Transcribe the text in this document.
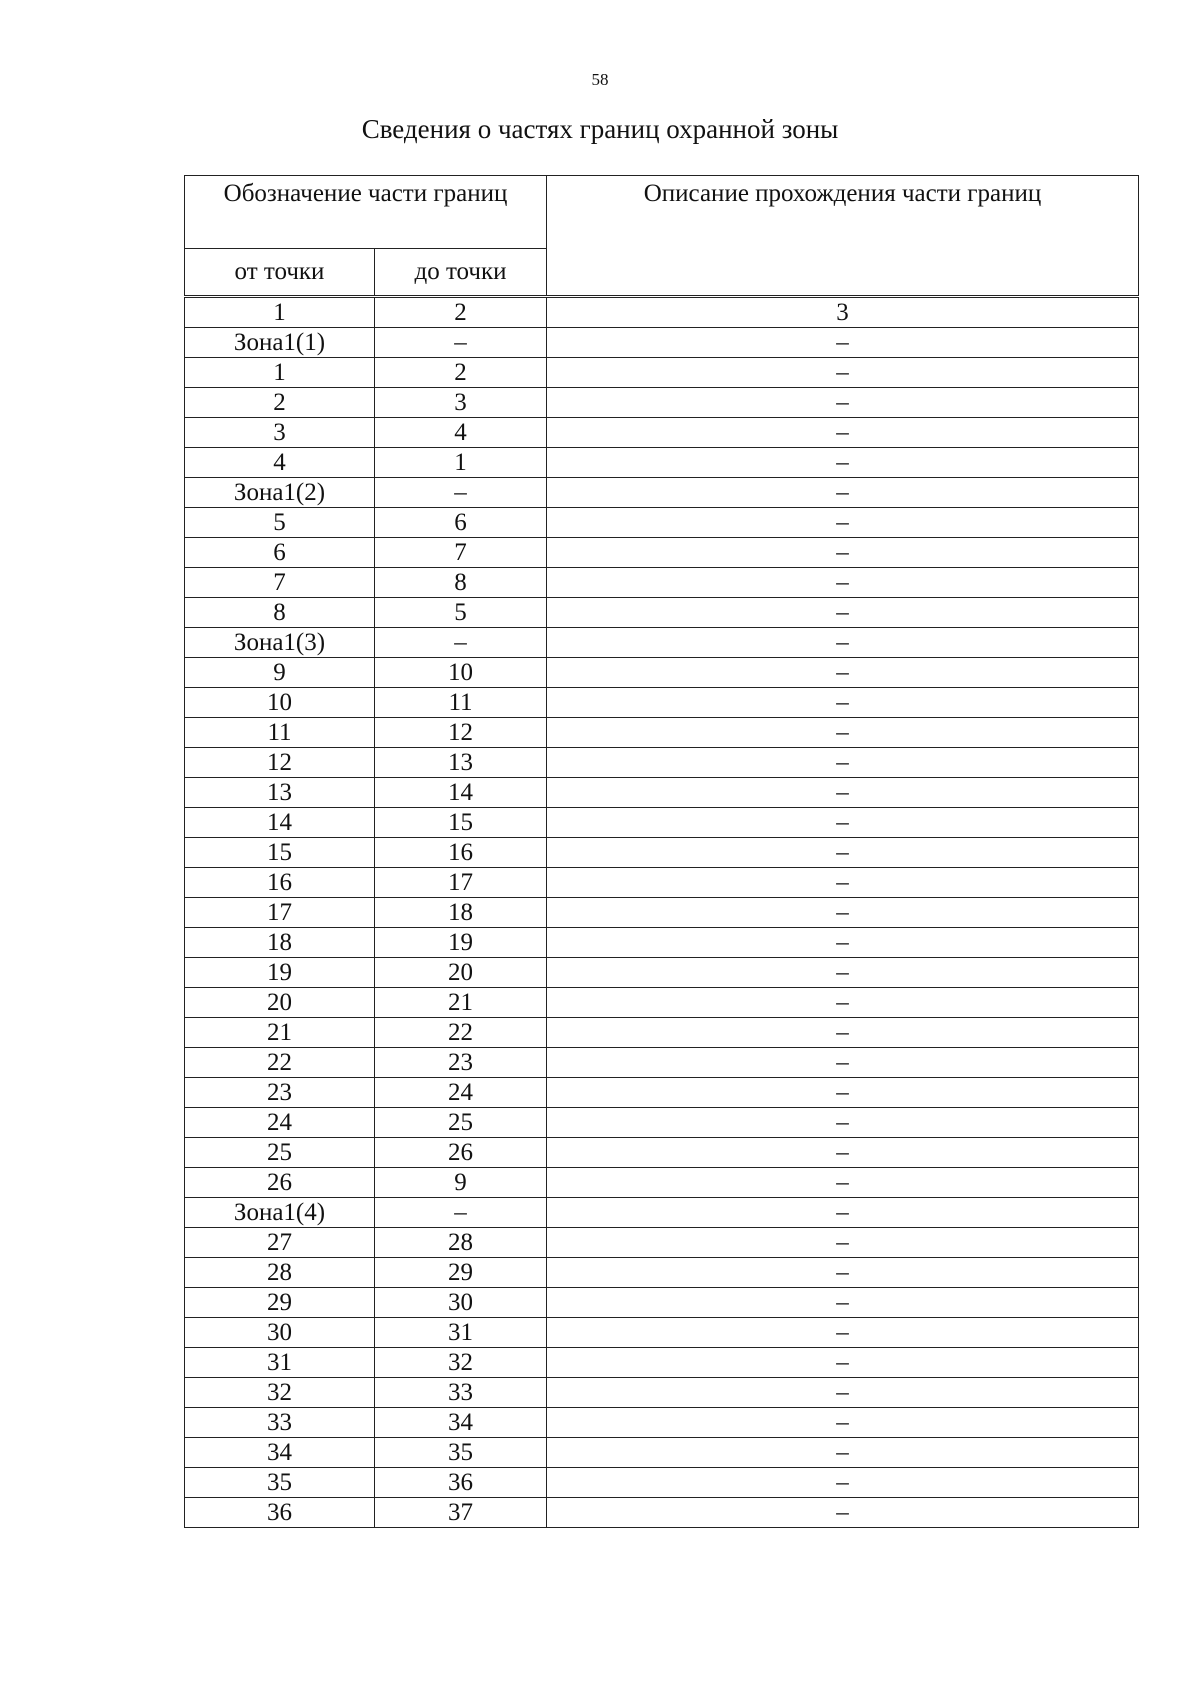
58
Сведения о частях границ охранной зоны
Обозначение части границ		Описание прохождения части границ
от точки	до точки	
1	2	3
Зона1(1)	–	–
1	2	–
2	3	–
3	4	–
4	1	–
Зона1(2)	–	–
5	6	–
6	7	–
7	8	–
8	5	–
Зона1(3)	–	–
9	10	–
10	11	–
11	12	–
12	13	–
13	14	–
14	15	–
15	16	–
16	17	–
17	18	–
18	19	–
19	20	–
20	21	–
21	22	–
22	23	–
23	24	–
24	25	–
25	26	–
26	9	–
Зона1(4)	–	–
27	28	–
28	29	–
29	30	–
30	31	–
31	32	–
32	33	–
33	34	–
34	35	–
35	36	–
36	37	–
